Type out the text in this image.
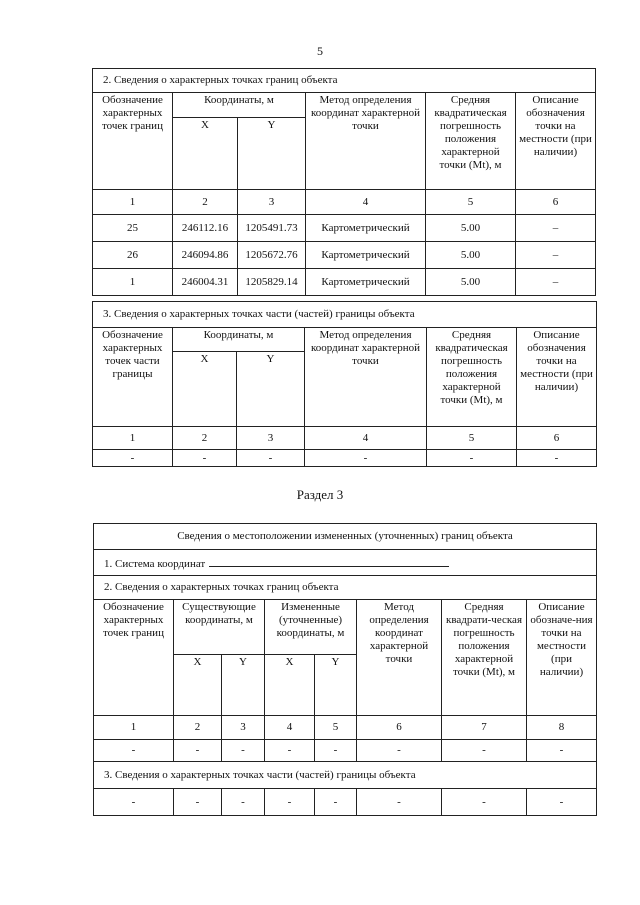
5
2. Сведения о характерных точках границ объекта					
Обозначение характерных точек границ	Координаты, м		Метод определения координат характерной точки	Средняя квадратическая погрешность положения характерной точки (Mt), м	Описание обозначения точки на местности (при наличии)
	X	Y			
1	2	3	4	5	6
25	246112.16	1205491.73	Картометрический	5.00	–
26	246094.86	1205672.76	Картометрический	5.00	–
1	246004.31	1205829.14	Картометрический	5.00	–
3. Сведения о характерных точках части (частей) границы объекта					
Обозначение характерных точек части границы	Координаты, м		Метод определения координат характерной точки	Средняя квадратическая погрешность положения характерной точки (Mt), м	Описание обозначения точки на местности (при наличии)
	X	Y			
1	2	3	4	5	6
-	-	-	-	-	-
Раздел 3
Сведения о местоположении измененных (уточненных) границ объекта							
1. Система координат							
2. Сведения о характерных точках границ объекта							
Обозначение характерных точек границ	Существующие координаты, м		Измененные (уточненные) координаты, м		Метод определения координат характерной точки	Средняя квадрати-ческая погрешность положения характерной точки (Mt), м	Описание обозначе-ния точки на местности (при наличии)
	X	Y	X	Y			
1	2	3	4	5	6	7	8
-	-	-	-	-	-	-	-
3. Сведения о характерных точках части (частей) границы объекта							
-	-	-	-	-	-	-	-
